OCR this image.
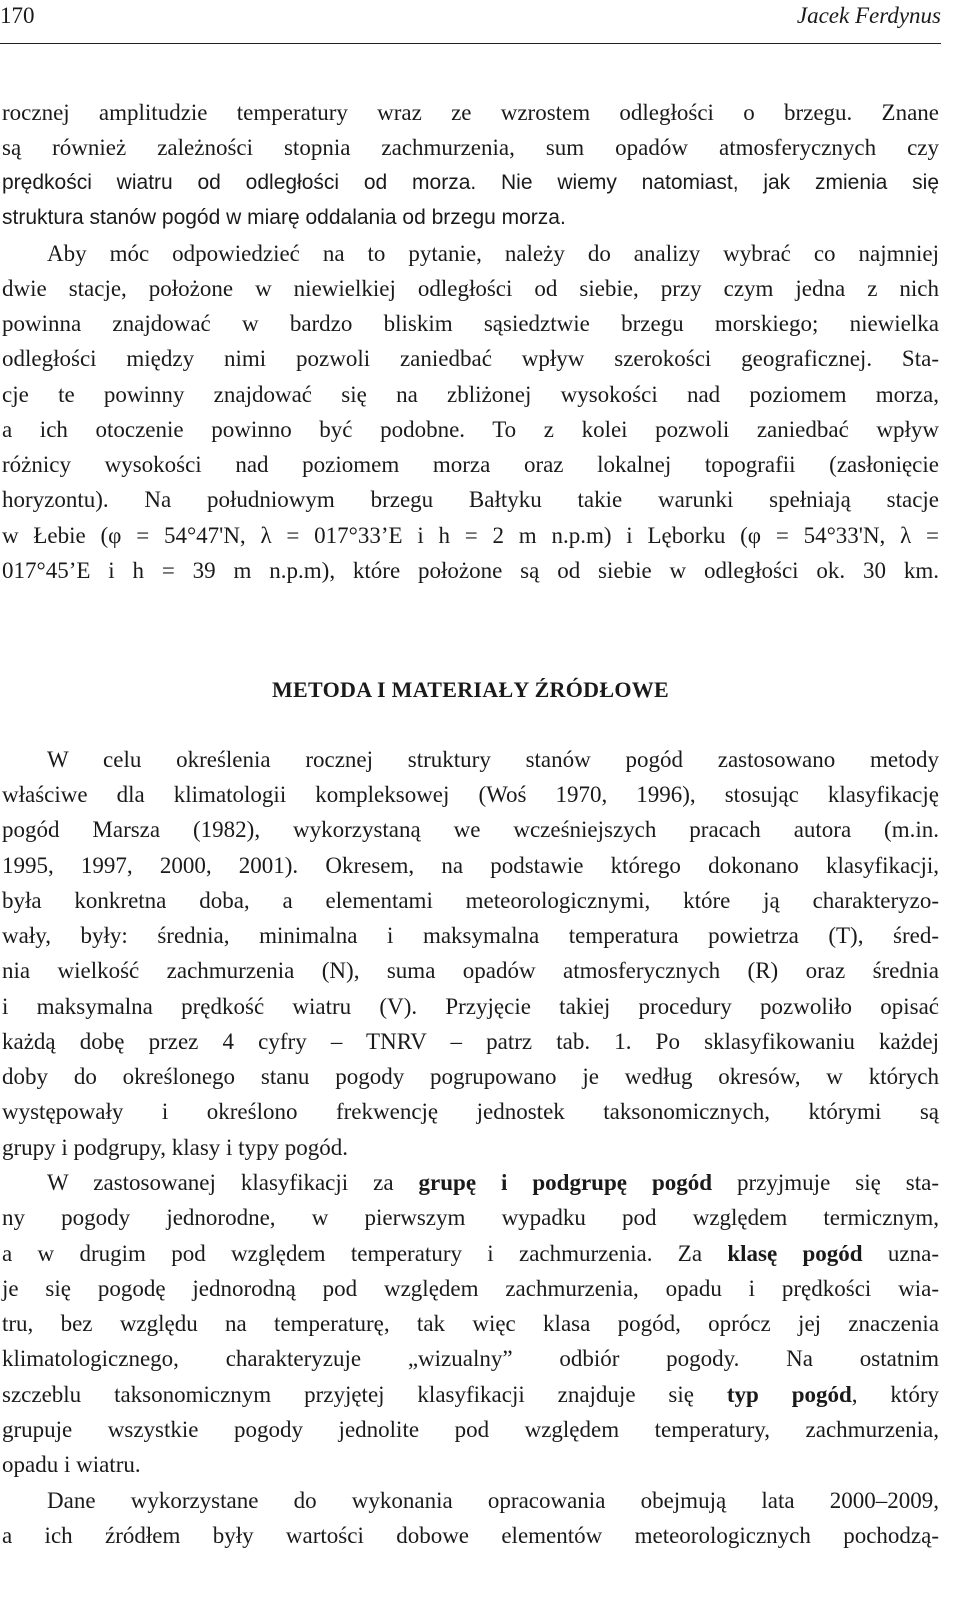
170	Jacek Ferdynus
rocznej amplitudzie temperatury wraz ze wzrostem odległości o brzegu. Znane
są również zależności stopnia zachmurzenia, sum opadów atmosferycznych czy
prędkości wiatru od odległości od morza. Nie wiemy natomiast, jak zmienia się
struktura stanów pogód w miarę oddalania od brzegu morza.
Aby móc odpowiedzieć na to pytanie, należy do analizy wybrać co najmniej
dwie stacje, położone w niewielkiej odległości od siebie, przy czym jedna z nich
powinna znajdować w bardzo bliskim sąsiedztwie brzegu morskiego; niewielka
odległości między nimi pozwoli zaniedbać wpływ szerokości geograficznej. Sta-
cje te powinny znajdować się na zbliżonej wysokości nad poziomem morza,
a ich otoczenie powinno być podobne. To z kolei pozwoli zaniedbać wpływ
różnicy wysokości nad poziomem morza oraz lokalnej topografii (zasłonięcie
horyzontu). Na południowym brzegu Bałtyku takie warunki spełniają stacje
w Łebie (φ = 54°47'N, λ = 017°33’E i h = 2 m n.p.m) i Lęborku (φ = 54°33'N, λ =
017°45’E i h = 39 m n.p.m), które położone są od siebie w odległości ok. 30 km.
METODA I MATERIAŁY ŹRÓDŁOWE
W celu określenia rocznej struktury stanów pogód zastosowano metody
właściwe dla klimatologii kompleksowej (Woś 1970, 1996), stosując klasyfikację
pogód Marsza (1982), wykorzystaną we wcześniejszych pracach autora (m.in.
1995, 1997, 2000, 2001). Okresem, na podstawie którego dokonano klasyfikacji,
była konkretna doba, a elementami meteorologicznymi, które ją charakteryzo-
wały, były: średnia, minimalna i maksymalna temperatura powietrza (T), śred-
nia wielkość zachmurzenia (N), suma opadów atmosferycznych (R) oraz średnia
i maksymalna prędkość wiatru (V). Przyjęcie takiej procedury pozwoliło opisać
każdą dobę przez 4 cyfry – TNRV – patrz tab. 1. Po sklasyfikowaniu każdej
doby do określonego stanu pogody pogrupowano je według okresów, w których
występowały i określono frekwencję jednostek taksonomicznych, którymi są
grupy i podgrupy, klasy i typy pogód.
W zastosowanej klasyfikacji za grupę i podgrupę pogód przyjmuje się sta-
ny pogody jednorodne, w pierwszym wypadku pod względem termicznym,
a w drugim pod względem temperatury i zachmurzenia. Za klasę pogód uzna-
je się pogodę jednorodną pod względem zachmurzenia, opadu i prędkości wia-
tru, bez względu na temperaturę, tak więc klasa pogód, oprócz jej znaczenia
klimatologicznego, charakteryzuje „wizualny” odbiór pogody. Na ostatnim
szczeblu taksonomicznym przyjętej klasyfikacji znajduje się typ pogód, który
grupuje wszystkie pogody jednolite pod względem temperatury, zachmurzenia,
opadu i wiatru.
Dane wykorzystane do wykonania opracowania obejmują lata 2000–2009,
a ich źródłem były wartości dobowe elementów meteorologicznych pochodzą-
